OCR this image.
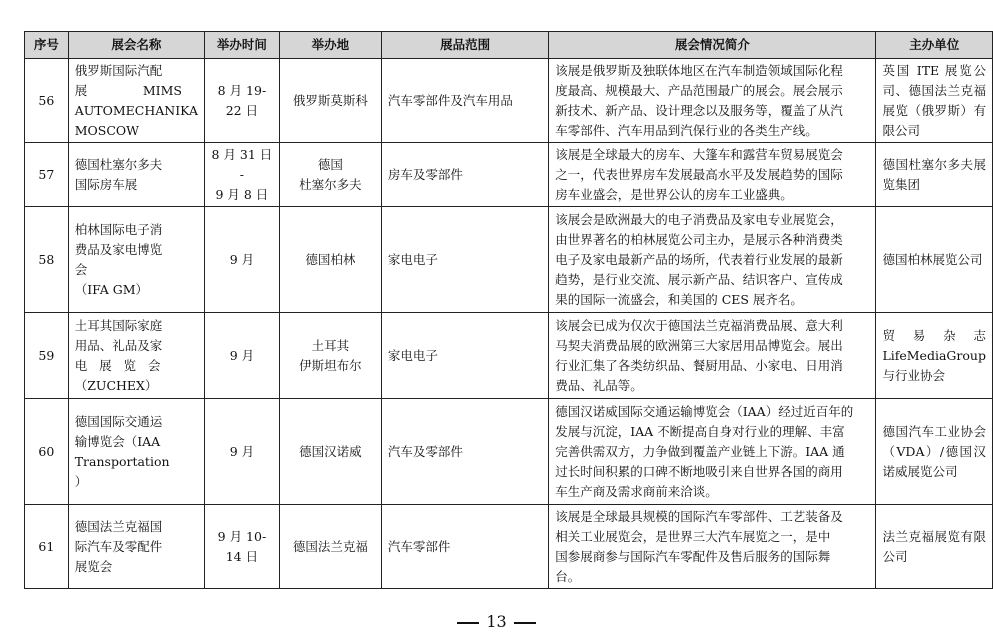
序号	展会名称	举办时间	举办地	展品范围	展会情况简介	主办单位
56	俄罗斯国际汽配
展              MIMS
AUTOMECHANIKA
MOSCOW	8 月 19-
22 日	俄罗斯莫斯科	汽车零部件及汽车用品	该展是俄罗斯及独联体地区在汽车制造领域国际化程
度最高、规模最大、产品范围最广的展会。展会展示
新技术、新产品、设计理念以及服务等，覆盖了从汽
车零部件、汽车用品到汽保行业的各类生产线。	英国 ITE 展览公司、德国法兰克福展览（俄罗斯）有限公司
57	德国杜塞尔多夫
国际房车展	8 月 31 日
-
9 月 8 日	德国
杜塞尔多夫	房车及零部件	该展是全球最大的房车、大篷车和露营车贸易展览会
之一，代表世界房车发展最高水平及发展趋势的国际
房车业盛会，是世界公认的房车工业盛典。	德国杜塞尔多夫展览集团
58	柏林国际电子消
费品及家电博览
会
（IFA GM）	9 月	德国柏林	家电电子	该展会是欧洲最大的电子消费品及家电专业展览会，
由世界著名的柏林展览公司主办，是展示各种消费类
电子及家电最新产品的场所，代表着行业发展的最新
趋势，是行业交流、展示新产品、结识客户、宣传成
果的国际一流盛会，和美国的 CES 展齐名。	德国柏林展览公司
59	土耳其国际家庭
用品、礼品及家
电   展   览   会
（ZUCHEX）	9 月	土耳其
伊斯坦布尔	家电电子	该展会已成为仅次于德国法兰克福消费品展、意大利
马契夫消费品展的欧洲第三大家居用品博览会。展出
行业汇集了各类纺织品、餐厨用品、小家电、日用消
费品、礼品等。	贸易杂志 LifeMediaGroup 与行业协会
60	德国国际交通运
输博览会（IAA
Transportation
）	9 月	德国汉诺威	汽车及零部件	德国汉诺威国际交通运输博览会（IAA）经过近百年的
发展与沉淀，IAA 不断提高自身对行业的理解、丰富
完善供需双方，力争做到覆盖产业链上下游。IAA 通
过长时间积累的口碑不断地吸引来自世界各国的商用
车生产商及需求商前来洽谈。	德国汽车工业协会（VDA）/德国汉诺威展览公司
61	德国法兰克福国
际汽车及零配件
展览会	9 月 10-
14 日	德国法兰克福	汽车零部件	该展是全球最具规模的国际汽车零部件、工艺装备及
相关工业展览会，是世界三大汽车展览之一，是中
国参展商参与国际汽车零配件及售后服务的国际舞
台。	法兰克福展览有限公司
13
